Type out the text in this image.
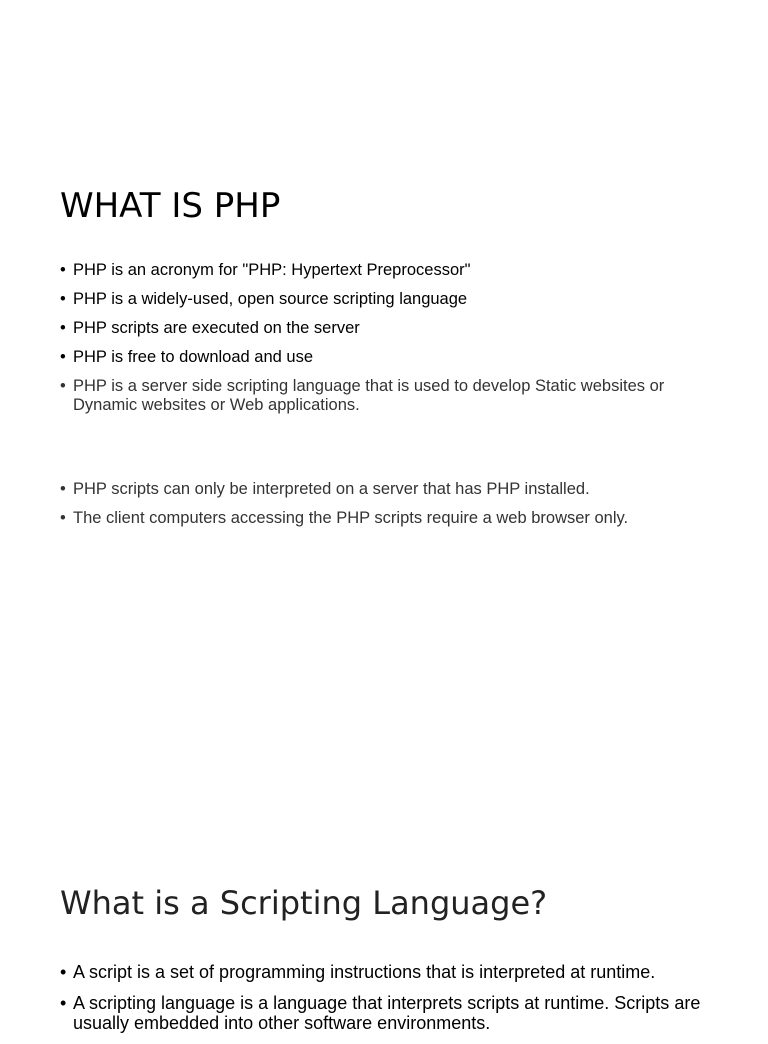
WHAT IS PHP
• PHP is an acronym for "PHP: Hypertext Preprocessor"
• PHP is a widely-used, open source scripting language
• PHP scripts are executed on the server
• PHP is free to download and use
• PHP is a server side scripting language that is used to develop Static websites or Dynamic websites or Web applications.
• PHP scripts can only be interpreted on a server that has PHP installed.
• The client computers accessing the PHP scripts require a web browser only.
What is a Scripting Language?
• A script is a set of programming instructions that is interpreted at runtime.
• A scripting language is a language that interprets scripts at runtime. Scripts are usually embedded into other software environments.
